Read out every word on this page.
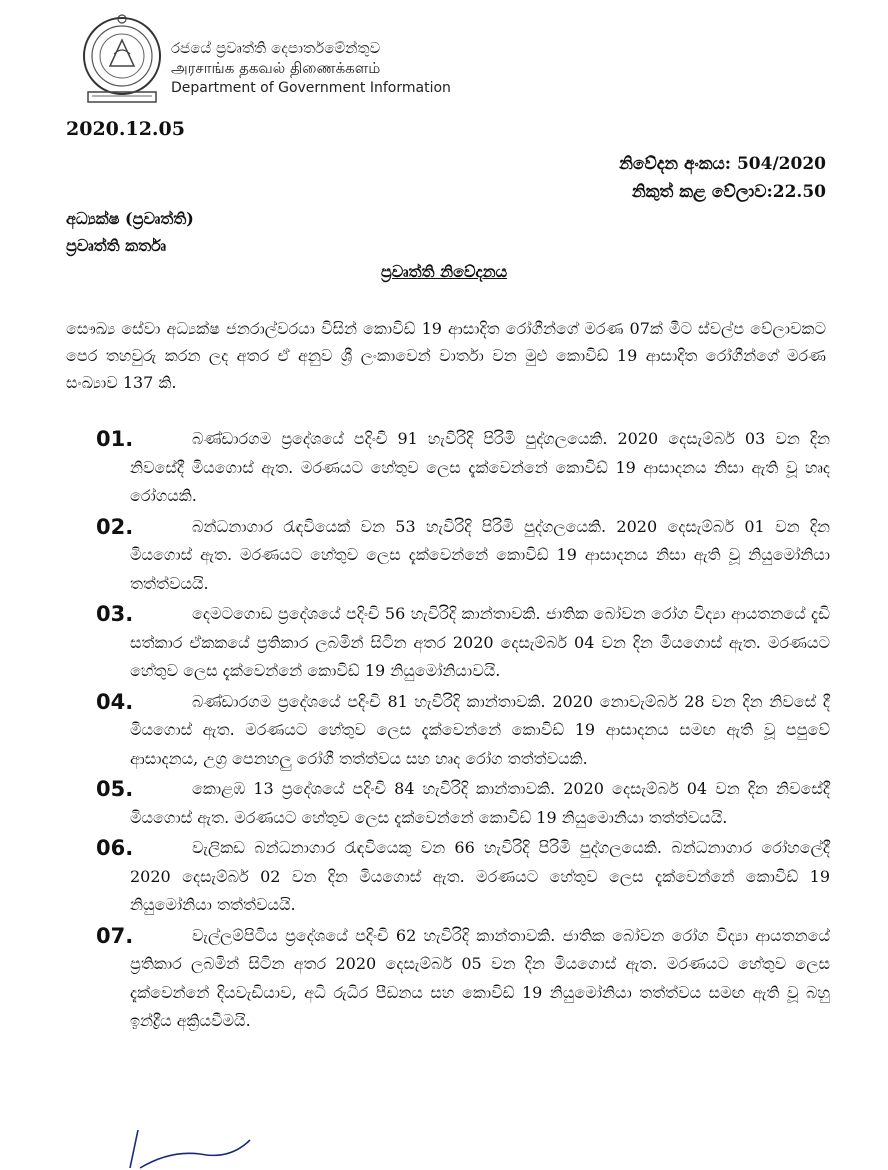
රජයේ ප්‍රවෘත්ති දෙපාර්තමේන්තුව
அரசாங்க தகவல் திணைக்களம்
Department of Government Information
2020.12.05
නිවේදන අංකය: 504/2020
නිකුත් කළ වේලාව:22.50
අධ්‍යක්ෂ (ප්‍රවෘත්ති)
ප්‍රවෘත්ති කර්තෘ
ප්‍රවෘත්ති නිවේදනය
සෞඛ්‍ය සේවා අධ්‍යක්ෂ ජනරාල්වරයා විසින් කොවිඩ් 19 ආසාදිත රෝගීන්ගේ මරණ 07ක් මීට ස්වල්ප වේලාවකට පෙර තහවුරු කරන ලද අතර ඒ අනුව ශ්‍රී ලංකාවෙන් වාර්තා වන මුළු කොවිඩ් 19 ආසාදිත රෝගීන්ගේ මරණ සංඛ්‍යාව 137 කි.
01.	බණ්ඩාරගම ප්‍රදේශයේ පදිංචි 91 හැවිරිදි පිරිමි පුද්ගලයෙකි. 2020 දෙසැම්බර් 03 වන දින නිවසේදී මියගොස් ඇත. මරණයට හේතුව ලෙස දැක්වෙන්නේ කොවිඩ් 19 ආසාදනය නිසා ඇති වූ හෘද රෝගයකි.
02.	බන්ධනාගාර රැඳවියෙක් වන 53 හැවිරිදි පිරිමි පුද්ගලයෙකි. 2020 දෙසැම්බර් 01 වන දින මියගොස් ඇත. මරණයට හේතුව ලෙස දැක්වෙන්නේ කොවිඩ් 19 ආසාදනය නිසා ඇති වූ නියුමෝනියා තත්ත්වයයි.
03.	දෙමටගොඩ ප්‍රදේශයේ පදිංචි 56 හැවිරිදි කාන්තාවකි. ජාතික බෝවන රෝග විද්‍යා ආයතනයේ දැඩි සත්කාර ඒකකයේ ප්‍රතිකාර ලබමින් සිටින අතර 2020 දෙසැම්බර් 04 වන දින මියගොස් ඇත. මරණයට හේතුව ලෙස දැක්වෙන්නේ කොවිඩ් 19 නියුමෝනියාවයි.
04.	බණ්ඩාරගම ප්‍රදේශයේ පදිංචි 81 හැවිරිදි කාන්තාවකි. 2020 නොවැම්බර් 28 වන දින නිවසේ දී මියගොස් ඇත. මරණයට හේතුව ලෙස දැක්වෙන්නේ කොවිඩ් 19 ආසාදනය සමඟ ඇති වූ පපුවේ ආසාදනය, උග්‍ර පෙනහලු රෝගී තත්ත්වය සහ හෘද රෝග තත්ත්වයකි.
05.	කොළඹ 13 ප්‍රදේශයේ පදිංචි 84 හැවිරිදි කාන්තාවකි. 2020 දෙසැම්බර් 04 වන දින නිවසේදී මියගොස් ඇත. මරණයට හේතුව ලෙස දැක්වෙන්නේ කොවිඩ් 19 නියුමොනියා තත්ත්වයයි.
06.	වැලිකඩ බන්ධනාගාර රැඳවියෙකු වන 66 හැවිරිදි පිරිමි පුද්ගලයෙකි. බන්ධනාගාර රෝහලේදී 2020 දෙසැම්බර් 02 වන දින මියගොස් ඇත. මරණයට හේතුව ලෙස දැක්වෙන්නේ කොවිඩ් 19 නියුමෝනියා තත්ත්වයයි.
07.	වැල්ලම්පිටිය ප්‍රදේශයේ පදිංචි 62 හැවිරිදි කාන්තාවකි. ජාතික බෝවන රෝග විද්‍යා ආයතනයේ ප්‍රතිකාර ලබමින් සිටින අතර 2020 දෙසැම්බර් 05 වන දින මියගොස් ඇත. මරණයට හේතුව ලෙස දැක්වෙන්නේ දියවැඩියාව, අධි රුධිර පීඩනය සහ කොවිඩ් 19 නියුමෝනියා තත්ත්වය සමඟ ඇති වූ බහු ඉන්ද්‍රීය අක්‍රියවීමයි.
